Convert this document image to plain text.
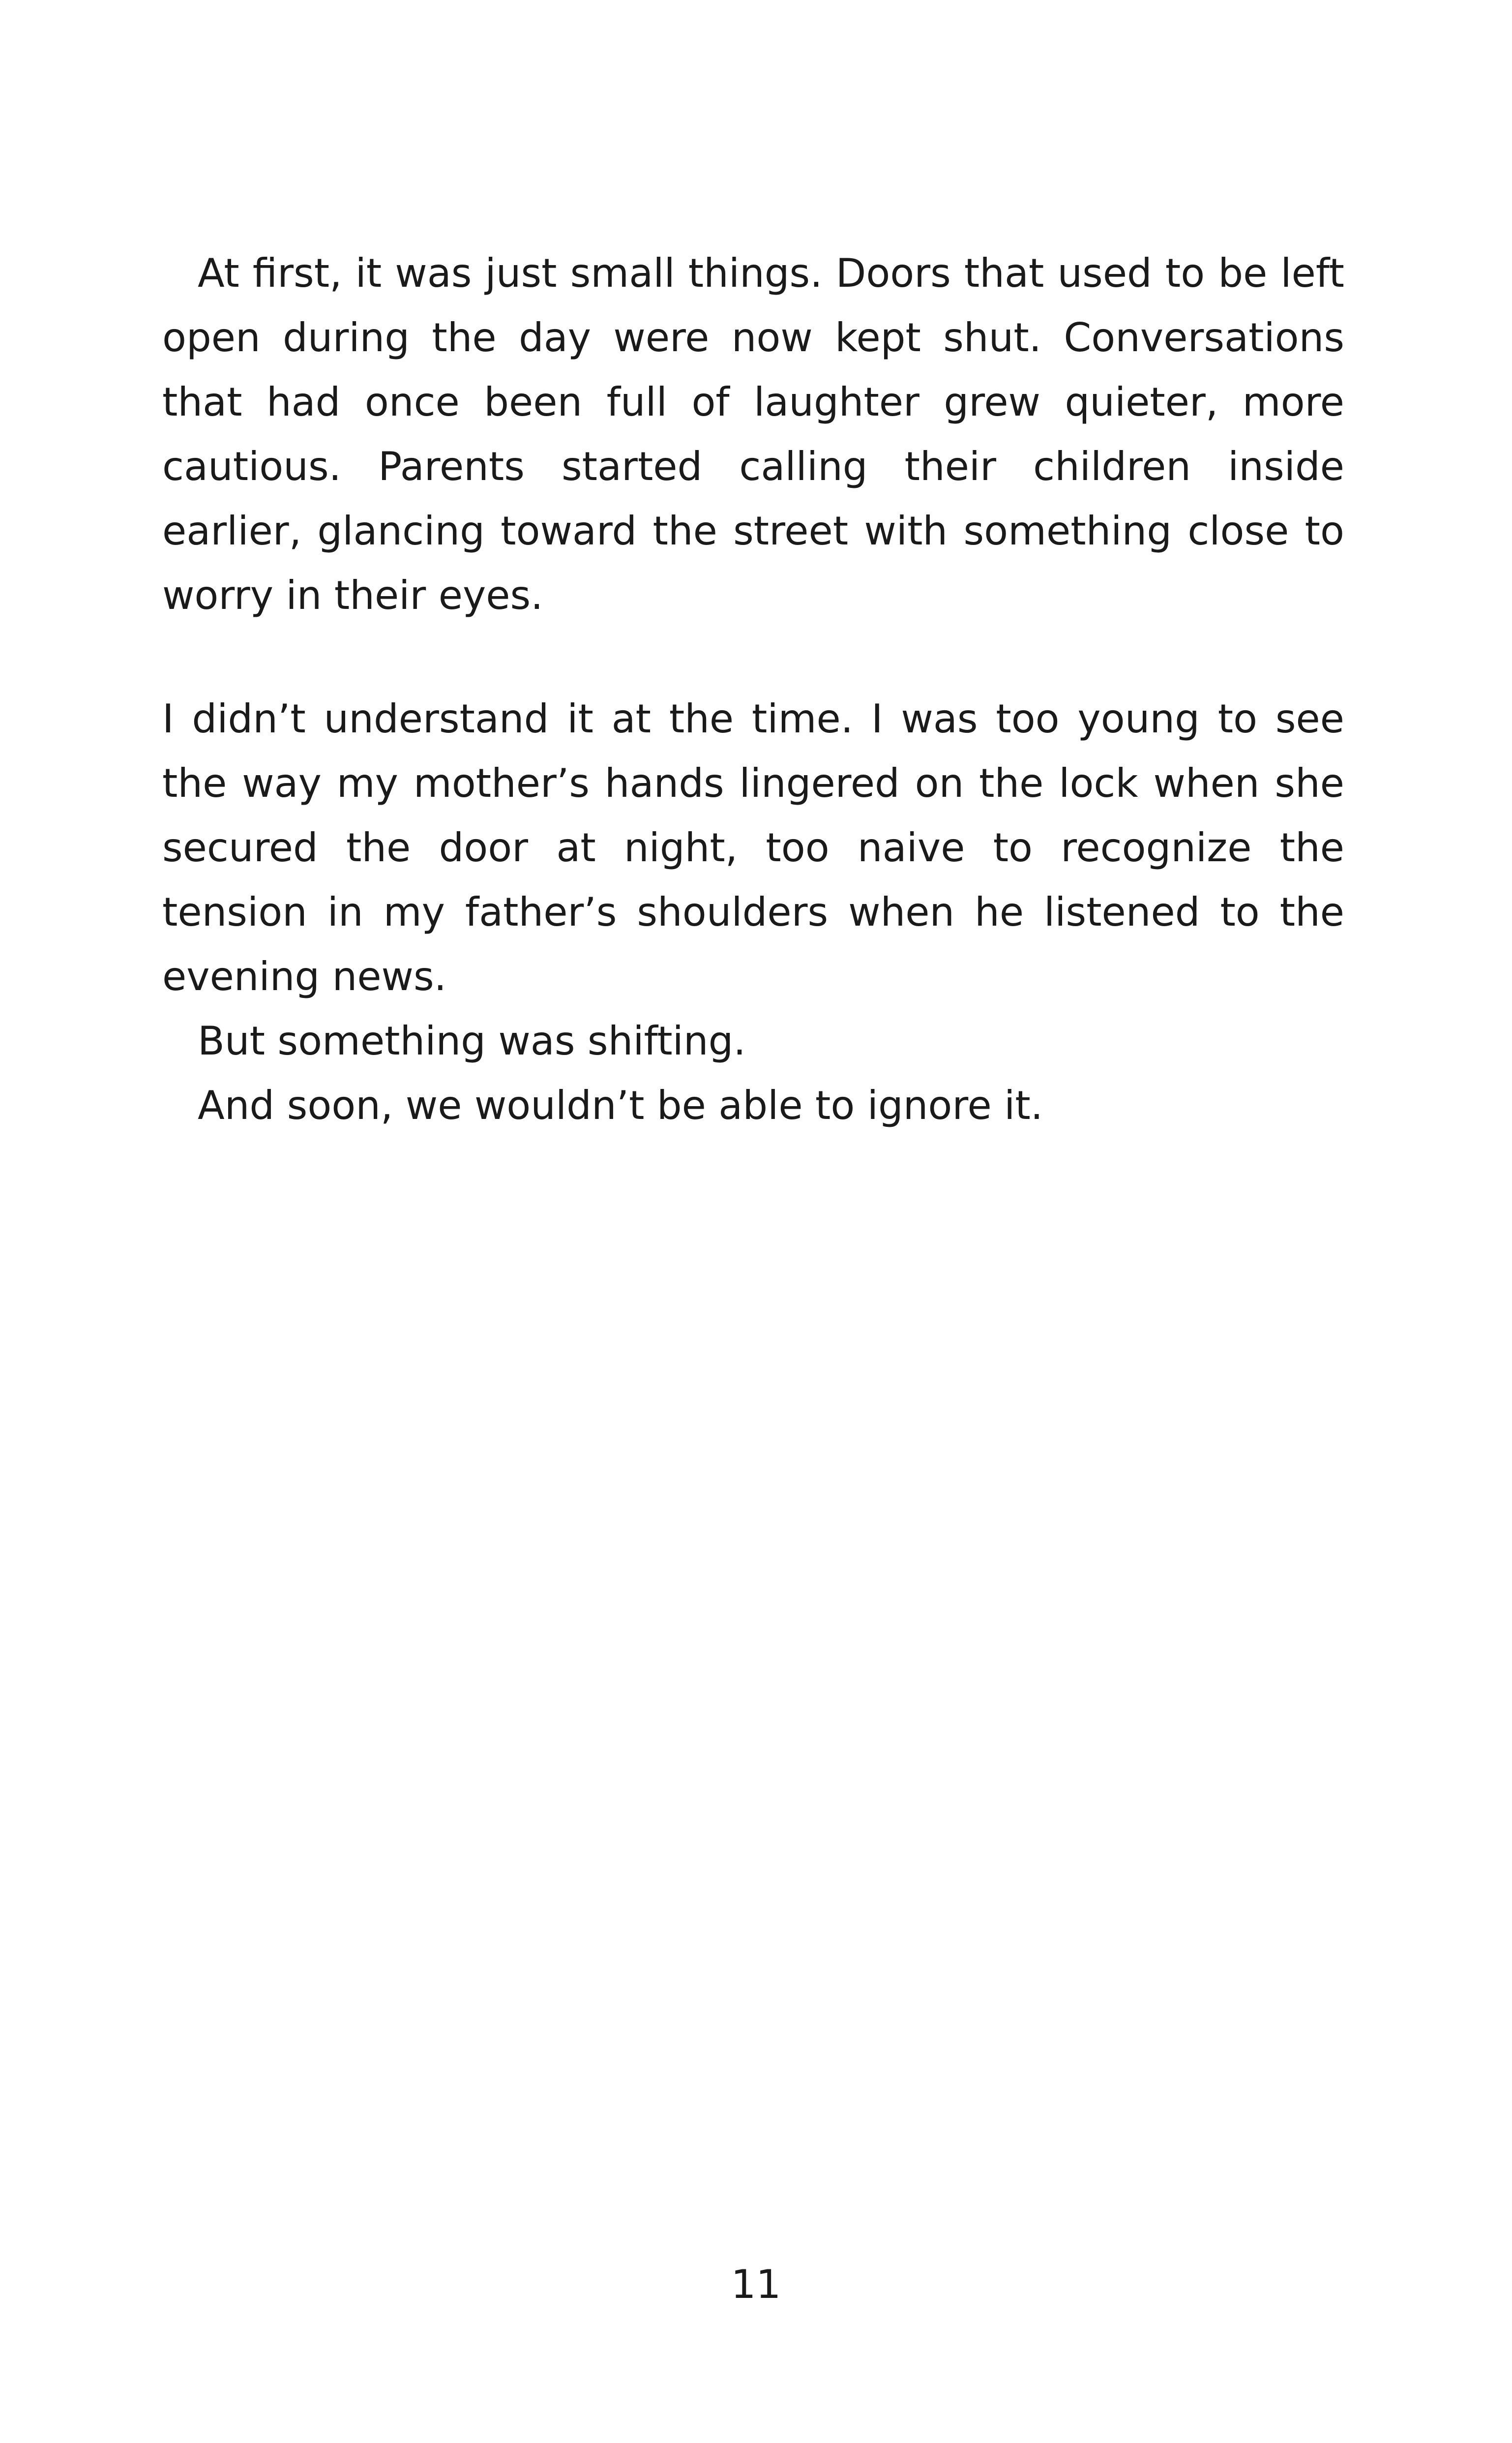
At first, it was just small things. Doors that used to be left open during the day were now kept shut. Conversations that had once been full of laughter grew quieter, more cautious. Parents started calling their children inside earlier, glancing toward the street with something close to worry in their eyes.

I didn’t understand it at the time. I was too young to see the way my mother’s hands lingered on the lock when she secured the door at night, too naive to recognize the tension in my father’s shoulders when he listened to the evening news.

But something was shifting.

And soon, we wouldn’t be able to ignore it.

11
